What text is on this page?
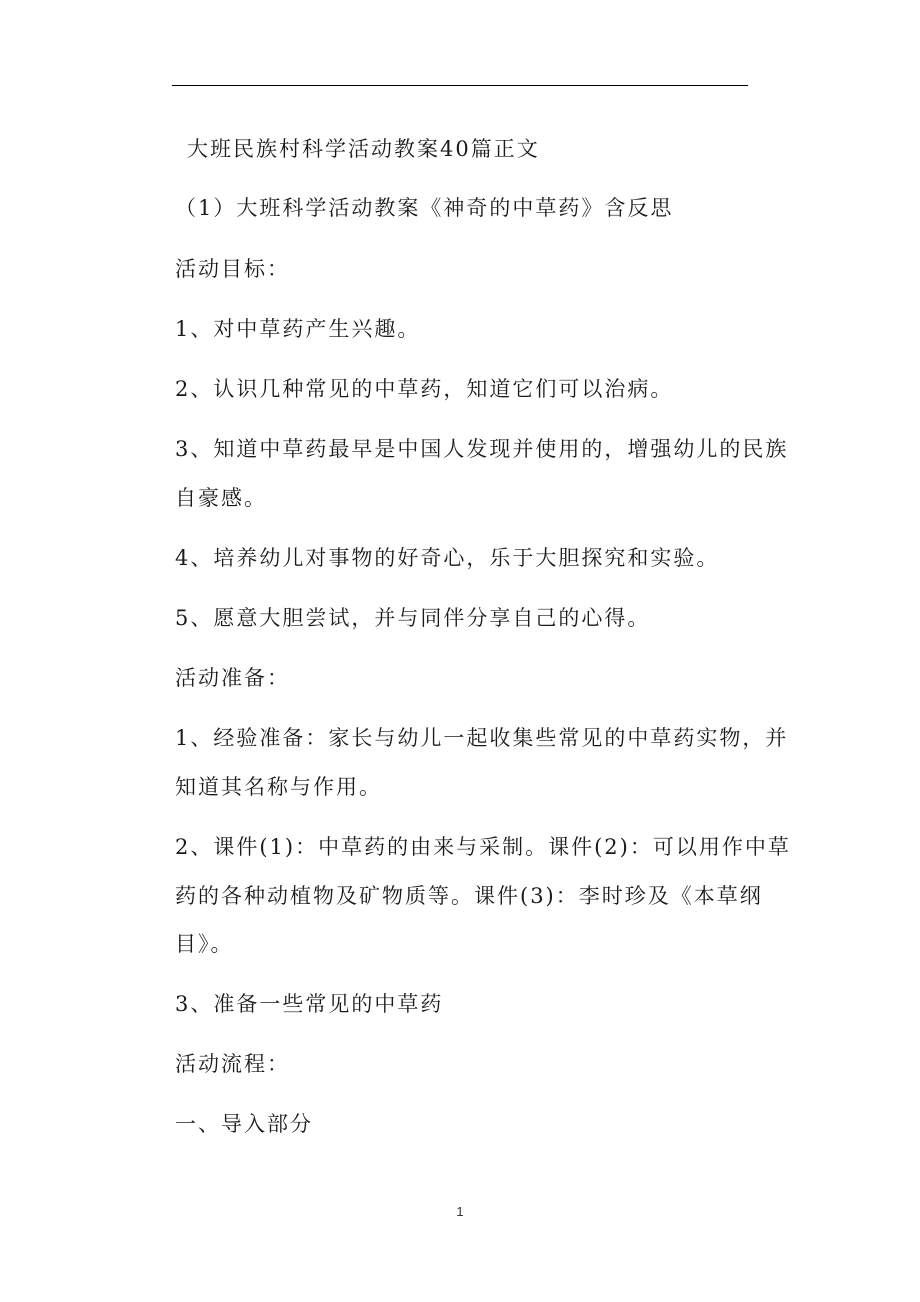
大班民族村科学活动教案40篇正文
（1）大班科学活动教案《神奇的中草药》含反思
活动目标：
1、对中草药产生兴趣。
2、认识几种常见的中草药，知道它们可以治病。
3、知道中草药最早是中国人发现并使用的，增强幼儿的民族
自豪感。
4、培养幼儿对事物的好奇心，乐于大胆探究和实验。
5、愿意大胆尝试，并与同伴分享自己的心得。
活动准备：
1、经验准备：家长与幼儿一起收集些常见的中草药实物，并
知道其名称与作用。
2、课件(1)：中草药的由来与采制。课件(2)：可以用作中草
药的各种动植物及矿物质等。课件(3)：李时珍及《本草纲
目》。
3、准备一些常见的中草药
活动流程：
一、导入部分
1
